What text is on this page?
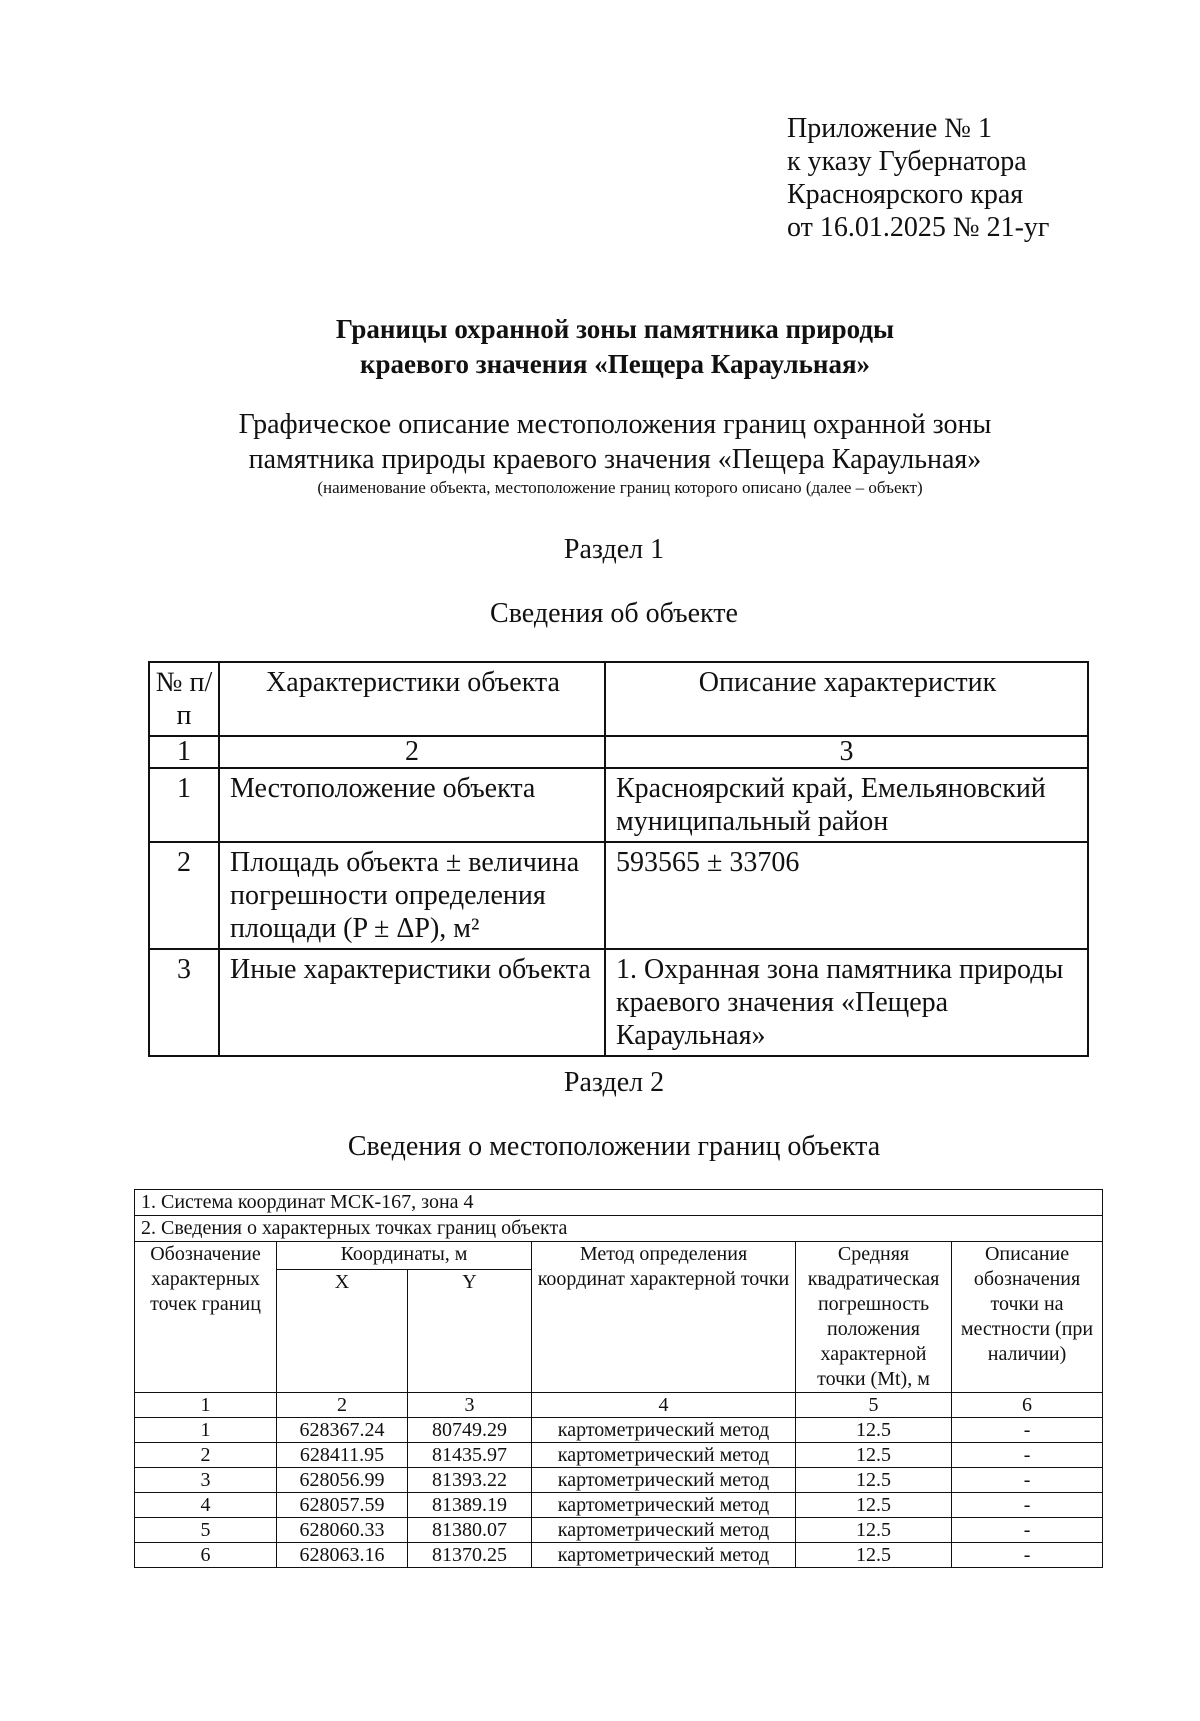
Приложение № 1
к указу Губернатора
Красноярского края
от 16.01.2025 № 21-уг
Границы охранной зоны памятника природы
краевого значения «Пещера Караульная»
Графическое описание местоположения границ охранной зоны
памятника природы краевого значения «Пещера Караульная»
(наименование объекта, местоположение границ которого описано (далее – объект)
Раздел 1
Сведения об объекте
№ п/п	Характеристики объекта	Описание характеристик
1	2	3
1	Местоположение объекта	Красноярский край, Емельяновский муниципальный район
2	Площадь объекта ± величина погрешности определения площади (P ± ΔP), м²	593565 ± 33706
3	Иные характеристики объекта	1. Охранная зона памятника природы краевого значения «Пещера Караульная»
Раздел 2
Сведения о местоположении границ объекта
1. Система координат МСК-167, зона 4					
2. Сведения о характерных точках границ объекта					
Обозначение характерных точек границ	Координаты, м		Метод определения координат характерной точки	Средняя квадратическая погрешность положения характерной точки (Mt), м	Описание обозначения точки на местности (при наличии)
	X	Y			
1	2	3	4	5	6
1	628367.24	80749.29	картометрический метод	12.5	-
2	628411.95	81435.97	картометрический метод	12.5	-
3	628056.99	81393.22	картометрический метод	12.5	-
4	628057.59	81389.19	картометрический метод	12.5	-
5	628060.33	81380.07	картометрический метод	12.5	-
6	628063.16	81370.25	картометрический метод	12.5	-
